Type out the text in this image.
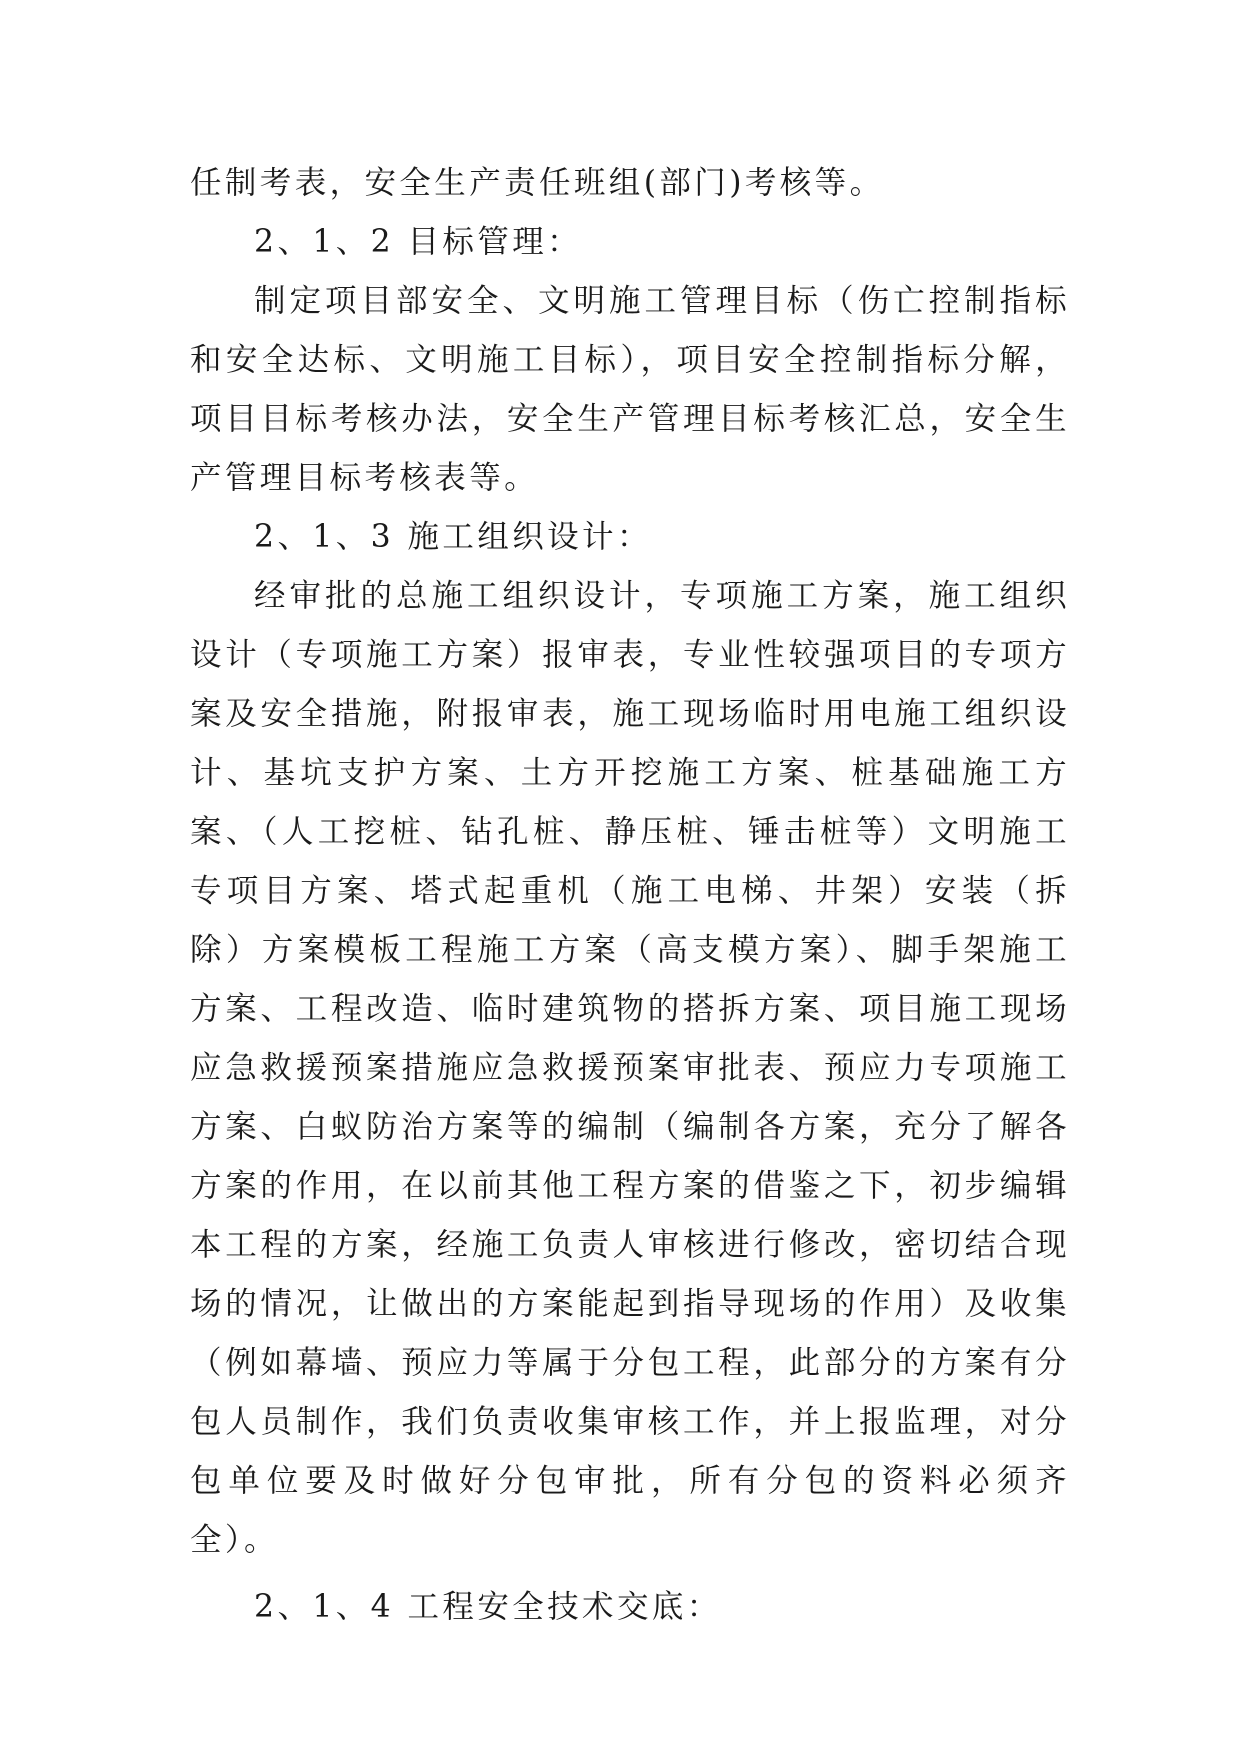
任制考表，安全生产责任班组(部门)考核等。

2、1、2 目标管理：

制定项目部安全、文明施工管理目标（伤亡控制指标和安全达标、文明施工目标），项目安全控制指标分解，项目目标考核办法，安全生产管理目标考核汇总，安全生产管理目标考核表等。

2、1、3 施工组织设计：

经审批的总施工组织设计，专项施工方案，施工组织设计（专项施工方案）报审表，专业性较强项目的专项方案及安全措施，附报审表，施工现场临时用电施工组织设计、基坑支护方案、土方开挖施工方案、桩基础施工方案、（人工挖桩、钻孔桩、静压桩、锤击桩等）文明施工专项目方案、塔式起重机（施工电梯、井架）安装（拆除）方案模板工程施工方案（高支模方案）、脚手架施工方案、工程改造、临时建筑物的搭拆方案、项目施工现场应急救援预案措施应急救援预案审批表、预应力专项施工方案、白蚁防治方案等的编制（编制各方案，充分了解各方案的作用，在以前其他工程方案的借鉴之下，初步编辑本工程的方案，经施工负责人审核进行修改，密切结合现场的情况，让做出的方案能起到指导现场的作用）及收集（例如幕墙、预应力等属于分包工程，此部分的方案有分包人员制作，我们负责收集审核工作，并上报监理，对分包单位要及时做好分包审批，所有分包的资料必须齐全）。

2、1、4 工程安全技术交底：
